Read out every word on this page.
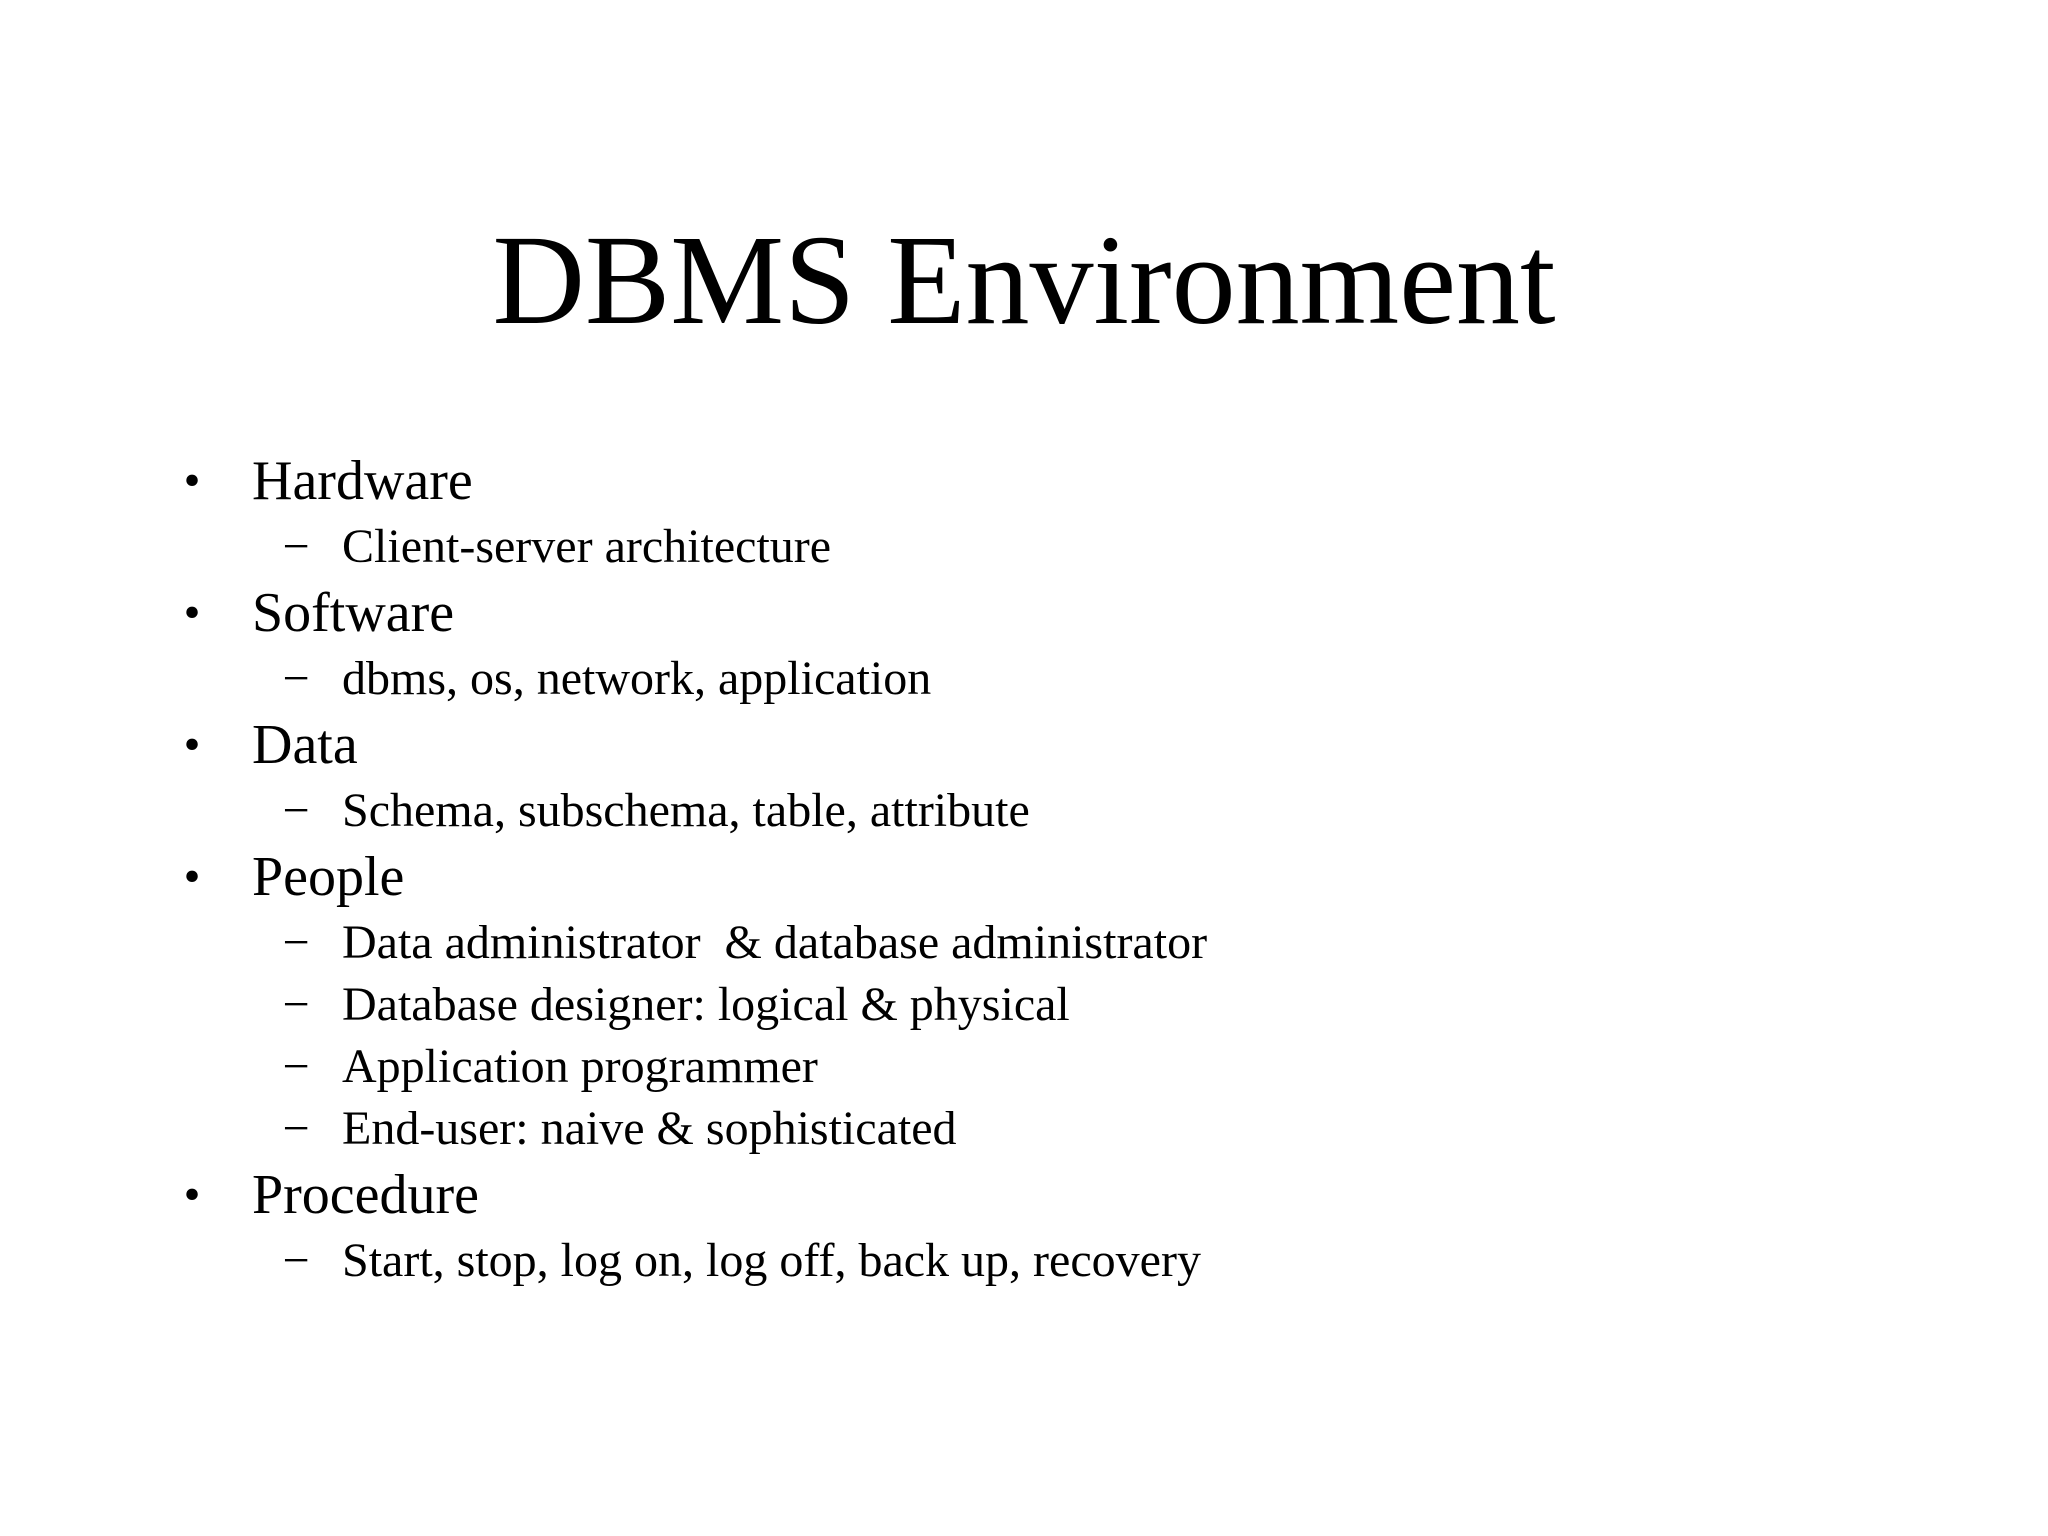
DBMS Environment
• Hardware
− Client-server architecture
• Software
− dbms, os, network, application
• Data
− Schema, subschema, table, attribute
• People
− Data administrator  & database administrator
− Database designer: logical & physical
− Application programmer
− End-user: naive & sophisticated
• Procedure
− Start, stop, log on, log off, back up, recovery
